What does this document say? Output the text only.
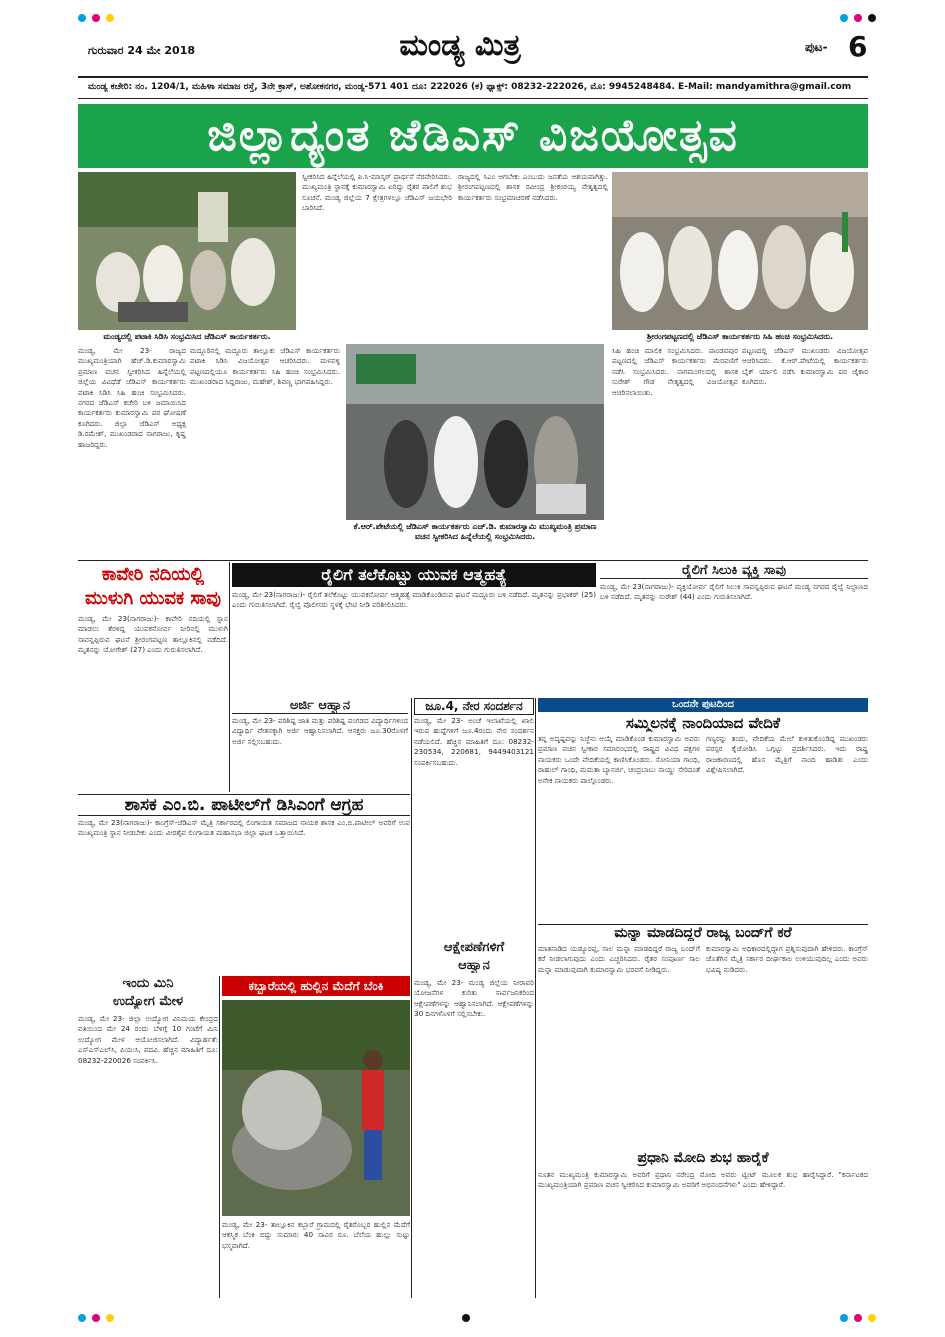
ಗುರುವಾರ 24 ಮೇ 2018	ಮಂಡ್ಯ ಮಿತ್ರ	ಪುಟ- 6
ಮಂಡ್ಯ ಕಚೇರಿ: ನಂ. 1204/1, ಮಹಿಳಾ ಸಮಾಜ ರಸ್ತೆ, 3ನೇ ಕ್ರಾಸ್, ಅಶೋಕನಗರ, ಮಂಡ್ಯ-571 401 ದೂ: 222026 (ಕ) ಫ್ಯಾಕ್ಸ್: 08232-222026, ಮೊ: 9945248484. E-Mail: mandyamithra@gmail.com
ಜಿಲ್ಲಾದ್ಯಂತ ಜೆಡಿಎಸ್ ವಿಜಯೋತ್ಸವ
ಮಂಡ್ಯದಲ್ಲಿ ಪಟಾಕಿ ಸಿಡಿಸಿ ಸಂಭ್ರಮಿಸಿದ ಜೆಡಿಎಸ್ ಕಾರ್ಯಕರ್ತರು.	ಶ್ರೀರಂಗಪಟ್ಟಣದಲ್ಲಿ ಜೆಡಿಎಸ್ ಕಾರ್ಯಕರ್ತರು ಸಿಹಿ ಹಂಚಿ ಸಂಭ್ರಮಿಸಿದರು.
ಸ್ವೀಕರಿಸಿದ ಹಿನ್ನೆಲೆಯಲ್ಲಿ ಪಿ.ಸಿ-ಮಾಸ್ಕರ್ ಪ್ರಾರ್ಥನೆ ನೆರವೇರಿಸಿದರು. ಮುಖ್ಯಮಂತ್ರಿ ಸ್ಥಾನಕ್ಕೆ ಕುಮಾರಸ್ವಾಮಿ ಏರಿದ್ದು ರೈತರ ಪಾಲಿಗೆ ಶುಭ ಸೂಚನೆ. ಮಂಡ್ಯ ಜಿಲ್ಲೆಯ 7 ಕ್ಷೇತ್ರಗಳಲ್ಲೂ ಜೆಡಿಎಸ್ ಜಯಭೇರಿ ಬಾರಿಸಿದೆ.
ರಾಜ್ಯದಲ್ಲಿ ಸಿಎಂ ಆಗಬೇಕು ಎಂಬುದು ಜನತೆಯ ಆಶಯವಾಗಿತ್ತು. ಶ್ರೀರಂಗಪಟ್ಟಣದಲ್ಲಿ ಶಾಸಕ ರವೀಂದ್ರ ಶ್ರೀಕಂಠಯ್ಯ ನೇತೃತ್ವದಲ್ಲಿ ಕಾರ್ಯಕರ್ತರು ಸಂಭ್ರಮಾಚರಣೆ ನಡೆಸಿದರು.
ಮಂಡ್ಯ, ಮೇ 23- ರಾಜ್ಯದ ಮುಖ್ಯಮಂತ್ರಿಯಾಗಿ ಹೆಚ್.ಡಿ.ಕುಮಾರಸ್ವಾಮಿ ಪ್ರಮಾಣ ವಚನ ಸ್ವೀಕರಿಸಿದ ಹಿನ್ನೆಲೆಯಲ್ಲಿ ಜಿಲ್ಲೆಯ ವಿವಿಧೆಡೆ ಜೆಡಿಎಸ್ ಕಾರ್ಯಕರ್ತರು ಪಟಾಕಿ ಸಿಡಿಸಿ ಸಿಹಿ ಹಂಚಿ ಸಂಭ್ರಮಿಸಿದರು. ನಗರದ ಜೆಡಿಎಸ್ ಕಚೇರಿ ಬಳಿ ಜಮಾಯಿಸಿದ ಕಾರ್ಯಕರ್ತರು ಕುಮಾರಸ್ವಾಮಿ ಪರ ಘೋಷಣೆ ಕೂಗಿದರು. ಜಿಲ್ಲಾ ಜೆಡಿಎಸ್ ಅಧ್ಯಕ್ಷ ಡಿ.ರಮೇಶ್, ಮುಖಂಡರಾದ ನಾಗರಾಜು, ಕೃಷ್ಣ ಹಾಜರಿದ್ದರು.
ಮದ್ದೂರಿನಲ್ಲಿ ಮದ್ದೂರು ತಾಲ್ಲೂಕು ಜೆಡಿಎಸ್ ಕಾರ್ಯಕರ್ತರು ಪಟಾಕಿ ಸಿಡಿಸಿ ವಿಜಯೋತ್ಸವ ಆಚರಿಸಿದರು. ಮಳವಳ್ಳಿ ಪಟ್ಟಣದಲ್ಲಿಯೂ ಕಾರ್ಯಕರ್ತರು ಸಿಹಿ ಹಂಚಿ ಸಂಭ್ರಮಿಸಿದರು. ಮುಖಂಡರಾದ ಸಿದ್ದರಾಜು, ಮಹೇಶ್, ಶಿವಣ್ಣ ಭಾಗವಹಿಸಿದ್ದರು.
ಸಿಹಿ ಹಂಚಿ ಮಾಲಿಕ ಸಂಭ್ರಮಿಸಿದರು. ಪಾಂಡವಪುರ ಪಟ್ಟಣದಲ್ಲಿ ಜೆಡಿಎಸ್ ಕಾರ್ಯಕರ್ತರು ಮೆರವಣಿಗೆ ನಡೆಸಿ ಸಂಭ್ರಮಿಸಿದರು. ನಾಗಮಂಗಲದಲ್ಲಿ ಶಾಸಕ ಸುರೇಶ್ ಗೌಡ ನೇತೃತ್ವದಲ್ಲಿ ವಿಜಯೋತ್ಸವ ಆಚರಿಸಲಾಯಿತು.
ಪಟ್ಟಣದಲ್ಲಿ ಜೆಡಿಎಸ್ ಮುಖಂಡರು ವಿಜಯೋತ್ಸವ ಆಚರಿಸಿದರು. ಕೆ.ಆರ್.ಪೇಟೆಯಲ್ಲಿ ಕಾರ್ಯಕರ್ತರು ಬೈಕ್ ರ್ಯಾಲಿ ನಡೆಸಿ ಕುಮಾರಸ್ವಾಮಿ ಪರ ಜೈಕಾರ ಕೂಗಿದರು.
ಕೆ.ಆರ್.ಪೇಟೆಯಲ್ಲಿ ಜೆಡಿಎಸ್ ಕಾರ್ಯಕರ್ತರು ಎಚ್.ಡಿ. ಕುಮಾರಸ್ವಾಮಿ ಮುಖ್ಯಮಂತ್ರಿ ಪ್ರಮಾಣ ವಚನ ಸ್ವೀಕರಿಸಿದ ಹಿನ್ನೆಲೆಯಲ್ಲಿ ಸಂಭ್ರಮಿಸಿದರು.
ಕಾವೇರಿ ನದಿಯಲ್ಲಿ
ಮುಳುಗಿ ಯುವಕ ಸಾವು
ಮಂಡ್ಯ, ಮೇ 23(ನಾಗರಾಜು)- ಕಾವೇರಿ ನದಿಯಲ್ಲಿ ಸ್ನಾನ ಮಾಡಲು ತೆರಳಿದ್ದ ಯುವಕನೋರ್ವ ನೀರಿನಲ್ಲಿ ಮುಳುಗಿ ಸಾವನ್ನಪ್ಪಿರುವ ಘಟನೆ ಶ್ರೀರಂಗಪಟ್ಟಣ ತಾಲ್ಲೂಕಿನಲ್ಲಿ ನಡೆದಿದೆ. ಮೃತನನ್ನು ಯೋಗೇಶ್ (27) ಎಂದು ಗುರುತಿಸಲಾಗಿದೆ.
ರೈಲಿಗೆ ತಲೆಕೊಟ್ಟು ಯುವಕ ಆತ್ಮಹತ್ಯೆ
ಮಂಡ್ಯ, ಮೇ 23(ನಾಗರಾಜು)- ರೈಲಿಗೆ ತಲೆಕೊಟ್ಟು ಯುವಕನೋರ್ವ ಆತ್ಮಹತ್ಯೆ ಮಾಡಿಕೊಂಡಿರುವ ಘಟನೆ ಮದ್ದೂರು ಬಳಿ ನಡೆದಿದೆ. ಮೃತನನ್ನು ಪ್ರಭಾಕರ್ (25) ಎಂದು ಗುರುತಿಸಲಾಗಿದೆ. ರೈಲ್ವೆ ಪೊಲೀಸರು ಸ್ಥಳಕ್ಕೆ ಭೇಟಿ ನೀಡಿ ಪರಿಶೀಲಿಸಿದರು.
ರೈಲಿಗೆ ಸಿಲುಕಿ ವ್ಯಕ್ತಿ ಸಾವು
ಮಂಡ್ಯ, ಮೇ 23(ನಾಗರಾಜು)- ವ್ಯಕ್ತಿಯೋರ್ವ ರೈಲಿಗೆ ಸಿಲುಕಿ ಸಾವನ್ನಪ್ಪಿರುವ ಘಟನೆ ಮಂಡ್ಯ ನಗರದ ರೈಲ್ವೆ ನಿಲ್ದಾಣದ ಬಳಿ ನಡೆದಿದೆ. ಮೃತನನ್ನು ಸುರೇಶ್ (44) ಎಂದು ಗುರುತಿಸಲಾಗಿದೆ.
ಅರ್ಜಿ ಆಹ್ವಾನ
ಮಂಡ್ಯ, ಮೇ 23- ಪರಿಶಿಷ್ಟ ಜಾತಿ ಮತ್ತು ಪರಿಶಿಷ್ಟ ಪಂಗಡದ ವಿದ್ಯಾರ್ಥಿಗಳಿಂದ ವಿದ್ಯಾರ್ಥಿ ವೇತನಕ್ಕಾಗಿ ಅರ್ಜಿ ಆಹ್ವಾನಿಸಲಾಗಿದೆ. ಆಸಕ್ತರು ಜೂ.30ರೊಳಗೆ ಅರ್ಜಿ ಸಲ್ಲಿಸಬಹುದು.
ಜೂ.4, ನೇರ ಸಂದರ್ಶನ
ಮಂಡ್ಯ, ಮೇ 23- ಅಂಚೆ ಇಲಾಖೆಯಲ್ಲಿ ಖಾಲಿ ಇರುವ ಹುದ್ದೆಗಳಿಗೆ ಜೂ.4ರಂದು ನೇರ ಸಂದರ್ಶನ ನಡೆಯಲಿದೆ. ಹೆಚ್ಚಿನ ಮಾಹಿತಿಗೆ ದೂ: 08232-230534, 220681, 9449403121 ಸಂಪರ್ಕಿಸಬಹುದು.
ಒಂದನೇ ಪುಟದಿಂದ
ಸಮ್ಮಿಲನಕ್ಕೆ ನಾಂದಿಯಾದ ವೇದಿಕೆ
ತನ್ನ ಅದೃಷ್ಟವನ್ನು ನಿಜ್ಜೆನು ಆಯ್ಕೆ ಮಾಡಿಕೊಂಡ ಕುಮಾರಸ್ವಾಮಿ ಅವರು ಪ್ರಮಾಣ ವಚನ ಸ್ವೀಕಾರ ಸಮಾರಂಭದಲ್ಲಿ ರಾಷ್ಟ್ರದ ವಿವಿಧ ಪಕ್ಷಗಳ ನಾಯಕರು ಒಂದೇ ವೇದಿಕೆಯಲ್ಲಿ ಕಾಣಿಸಿಕೊಂಡರು. ಸೋನಿಯಾ ಗಾಂಧಿ, ರಾಹುಲ್ ಗಾಂಧಿ, ಮಮತಾ ಬ್ಯಾನರ್ಜಿ, ಚಂದ್ರಬಾಬು ನಾಯ್ಡು ಸೇರಿದಂತೆ ಅನೇಕ ನಾಯಕರು ಪಾಲ್ಗೊಂಡರು.
ಗಣ್ಯರನ್ನು ತಂದು, ವೇದಿಕೆಯ ಮೇಲೆ ಕುಳಿತುಕೊಂಡಿದ್ದ ಮುಖಂಡರು ಪರಸ್ಪರ ಕೈಜೋಡಿಸಿ ಒಗ್ಗಟ್ಟು ಪ್ರದರ್ಶಿಸಿದರು. ಇದು ರಾಷ್ಟ್ರ ರಾಜಕಾರಣದಲ್ಲಿ ಹೊಸ ಮೈತ್ರಿಗೆ ನಾಂದಿ ಹಾಡಿತು ಎಂದು ವಿಶ್ಲೇಷಿಸಲಾಗಿದೆ.
ಶಾಸಕ ಎಂ.ಬಿ. ಪಾಟೀಲ್‌ಗೆ ಡಿಸಿಎಂಗೆ ಆಗ್ರಹ
ಮಂಡ್ಯ, ಮೇ 23(ನಾಗರಾಜು)- ಕಾಂಗ್ರೆಸ್-ಜೆಡಿಎಸ್ ಮೈತ್ರಿ ಸರ್ಕಾರದಲ್ಲಿ ಲಿಂಗಾಯತ ಸಮಾಜದ ನಾಯಕ ಶಾಸಕ ಎಂ.ಬಿ.ಪಾಟೀಲ್ ಅವರಿಗೆ ಉಪ ಮುಖ್ಯಮಂತ್ರಿ ಸ್ಥಾನ ನೀಡಬೇಕು ಎಂದು ವೀರಶೈವ ಲಿಂಗಾಯತ ಮಹಾಸಭಾ ಜಿಲ್ಲಾ ಘಟಕ ಒತ್ತಾಯಿಸಿದೆ.
ಆಕ್ಷೇಪಣೆಗಳಿಗೆ
ಆಹ್ವಾನ
ಮಂಡ್ಯ, ಮೇ 23- ಮಂಡ್ಯ ಜಿಲ್ಲೆಯ ನೀರಾವರಿ ಯೋಜನೆಗಳ ಕುರಿತು ಸಾರ್ವಜನಿಕರಿಂದ ಆಕ್ಷೇಪಣೆಗಳನ್ನು ಆಹ್ವಾನಿಸಲಾಗಿದೆ. ಆಕ್ಷೇಪಣೆಗಳನ್ನು 30 ದಿನಗಳೊಳಗೆ ಸಲ್ಲಿಸಬೇಕು.
ಮನ್ನಾ ಮಾಡದಿದ್ದರೆ ರಾಜ್ಯ ಬಂದ್‌ಗೆ ಕರೆ
ಮಾತನಾಡಿದ ಯಡ್ಯೂರಪ್ಪ, ಸಾಲ ಮನ್ನಾ ಮಾಡದಿದ್ದರೆ ರಾಜ್ಯ ಬಂದ್‌ಗೆ ಕರೆ ನೀಡಲಾಗುವುದು ಎಂದು ಎಚ್ಚರಿಸಿದರು. ರೈತರ ಸಂಪೂರ್ಣ ಸಾಲ ಮನ್ನಾ ಮಾಡುವುದಾಗಿ ಕುಮಾರಸ್ವಾಮಿ ಭರವಸೆ ನೀಡಿದ್ದರು.
ಕುಮಾರಸ್ವಾಮಿ ಅಧಿಕಾರದಲ್ಲಿದ್ದಾಗ ಪ್ರಶ್ನಿಸುವುದಾಗಿ ಹೇಳಿದರು. ಕಾಂಗ್ರೆಸ್ ಜೊತೆಗಿನ ಮೈತ್ರಿ ಸರ್ಕಾರ ದೀರ್ಘಕಾಲ ಉಳಿಯುವುದಿಲ್ಲ ಎಂದು ಅವರು ಭವಿಷ್ಯ ನುಡಿದರು.
ಇಂದು ಮಿನಿ
ಉದ್ಯೋಗ ಮೇಳ
ಮಂಡ್ಯ, ಮೇ 23- ಜಿಲ್ಲಾ ಉದ್ಯೋಗ ವಿನಿಮಯ ಕೇಂದ್ರದ ವತಿಯಿಂದ ಮೇ 24 ರಂದು ಬೆಳಿಗ್ಗೆ 10 ಗಂಟೆಗೆ ಮಿನಿ ಉದ್ಯೋಗ ಮೇಳ ಆಯೋಜಿಸಲಾಗಿದೆ. ವಿದ್ಯಾರ್ಹತೆ: ಎಸ್ಎಸ್ಎಲ್‌ಸಿ, ಪಿಯುಸಿ, ಪದವಿ. ಹೆಚ್ಚಿನ ಮಾಹಿತಿಗೆ ದೂ: 08232-220026 ಸಂಪರ್ಕಿಸಿ.
ಕಬ್ಬಾರೆಯಲ್ಲಿ ಹುಲ್ಲಿನ ಮೆದೆಗೆ ಬೆಂಕಿ
ಮಂಡ್ಯ, ಮೇ 23- ತಾಲ್ಲೂಕಿನ ಕಬ್ಬಾರೆ ಗ್ರಾಮದಲ್ಲಿ ರೈತರೊಬ್ಬರ ಹುಲ್ಲಿನ ಮೆದೆಗೆ ಆಕಸ್ಮಿಕ ಬೆಂಕಿ ಬಿದ್ದು ಸುಮಾರು 40 ಸಾವಿರ ರೂ. ಬೆಲೆಯ ಹುಲ್ಲು ಸುಟ್ಟು ಭಸ್ಮವಾಗಿದೆ.
ಪ್ರಧಾನಿ ಮೋದಿ ಶುಭ ಹಾರೈಕೆ
ನೂತನ ಮುಖ್ಯಮಂತ್ರಿ ಕುಮಾರಸ್ವಾಮಿ ಅವರಿಗೆ ಪ್ರಧಾನಿ ನರೇಂದ್ರ ಮೋದಿ ಅವರು ಟ್ವೀಟ್ ಮೂಲಕ ಶುಭ ಹಾರೈಸಿದ್ದಾರೆ. "ಕರ್ನಾಟಕದ ಮುಖ್ಯಮಂತ್ರಿಯಾಗಿ ಪ್ರಮಾಣ ವಚನ ಸ್ವೀಕರಿಸಿದ ಕುಮಾರಸ್ವಾಮಿ ಅವರಿಗೆ ಅಭಿನಂದನೆಗಳು" ಎಂದು ಹೇಳಿದ್ದಾರೆ.
